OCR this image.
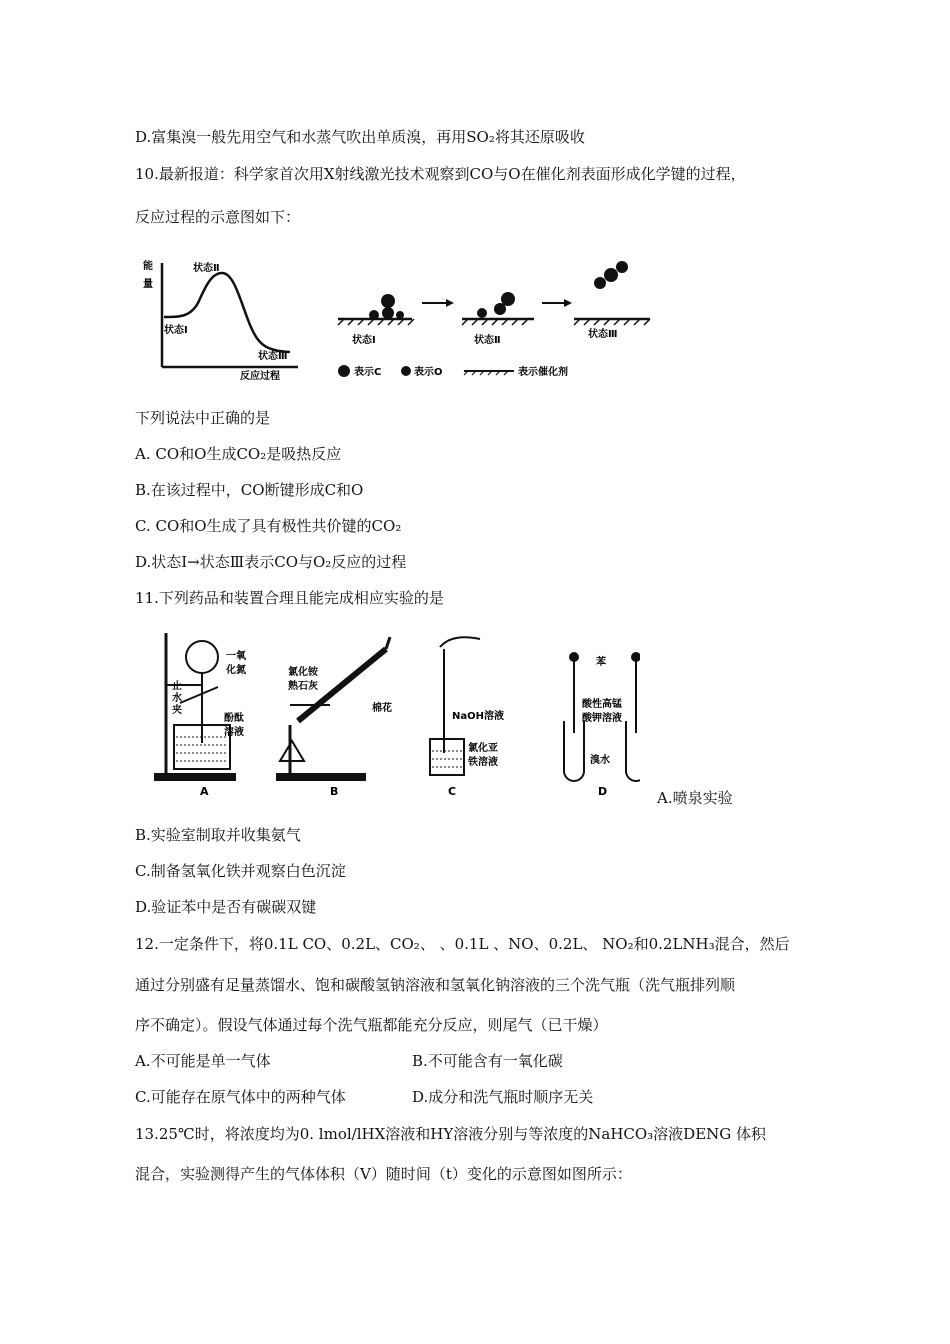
D.富集溴一般先用空气和水蒸气吹出单质溴，再用SO₂将其还原吸收
10.最新报道：科学家首次用X射线激光技术观察到CO与O在催化剂表面形成化学键的过程，
反应过程的示意图如下：
能
量
状态Ⅱ
状态Ⅰ
状态Ⅲ
反应过程
状态Ⅰ	状态Ⅱ
状态Ⅲ
表示C	表示O	表示催化剂
下列说法中正确的是
A. CO和O生成CO₂是吸热反应
B.在该过程中，CO断键形成C和O
C. CO和O生成了具有极性共价键的CO₂
D.状态Ⅰ→状态Ⅲ表示CO与O₂反应的过程
11.下列药品和装置合理且能完成相应实验的是
一氧
化氮
止
水
夹
酚酞
溶液
A
氯化铵
熟石灰
棉花
B
NaOH溶液
氯化亚
铁溶液
C
苯
酸性高锰
酸钾溶液
溴水
D	A.喷泉实验
B.实验室制取并收集氨气
C.制备氢氧化铁并观察白色沉淀
D.验证苯中是否有碳碳双键
12.一定条件下，将0.1L CO、0.2L、CO₂、 、0.1L 、NO、0.2L、 NO₂和0.2LNH₃混合，然后
通过分别盛有足量蒸馏水、饱和碳酸氢钠溶液和氢氧化钠溶液的三个洗气瓶（洗气瓶排列顺
序不确定）。假设气体通过每个洗气瓶都能充分反应，则尾气（已干燥）
A.不可能是单一气体	B.不可能含有一氧化碳
C.可能存在原气体中的两种气体	D.成分和洗气瓶时顺序无关
13.25℃时，将浓度均为0. lmol/lHX溶液和HY溶液分别与等浓度的NaHCO₃溶液DENG 体积
混合，实验测得产生的气体体积（V）随时间（t）变化的示意图如图所示：
